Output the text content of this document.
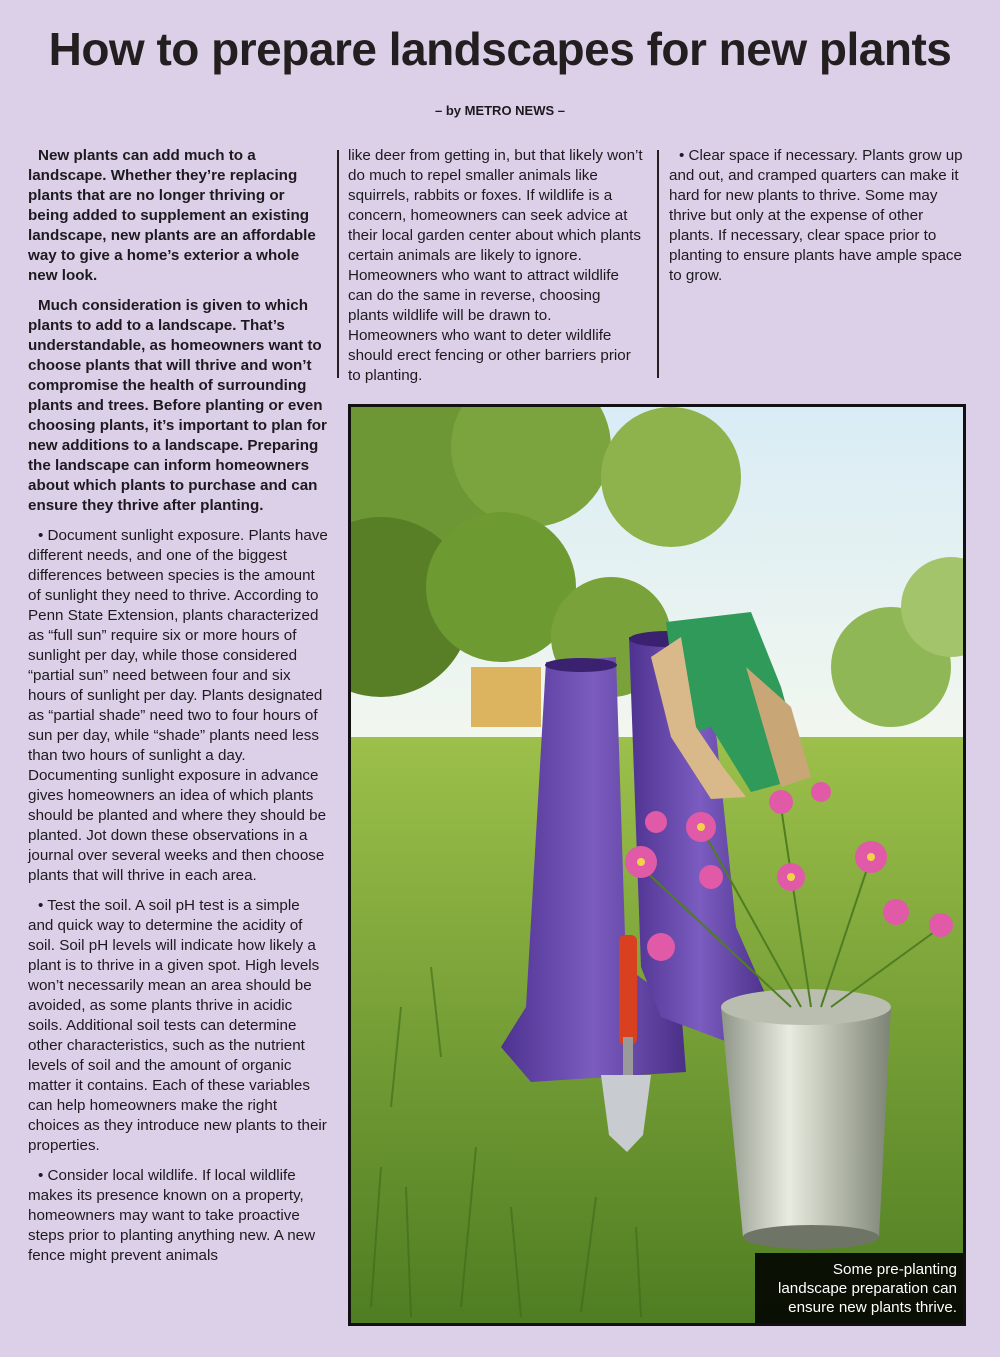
How to prepare landscapes for new plants
– by METRO NEWS –

New plants can add much to a landscape. Whether they’re replacing plants that are no longer thriving or being added to supplement an existing landscape, new plants are an affordable way to give a home’s exterior a whole new look.

Much consideration is given to which plants to add to a landscape. That’s understandable, as homeowners want to choose plants that will thrive and won’t compromise the health of surrounding plants and trees. Before planting or even choosing plants, it’s important to plan for new additions to a landscape. Preparing the landscape can inform homeowners about which plants to purchase and can ensure they thrive after planting.

• Document sunlight exposure. Plants have different needs, and one of the biggest differences between species is the amount of sunlight they need to thrive. According to Penn State Extension, plants characterized as “full sun” require six or more hours of sunlight per day, while those considered “partial sun” need between four and six hours of sunlight per day. Plants designated as “partial shade” need two to four hours of sun per day, while “shade” plants need less than two hours of sunlight a day. Documenting sunlight exposure in advance gives homeowners an idea of which plants should be planted and where they should be planted. Jot down these observations in a journal over several weeks and then choose plants that will thrive in each area.

• Test the soil. A soil pH test is a simple and quick way to determine the acidity of soil. Soil pH levels will indicate how likely a plant is to thrive in a given spot. High levels won’t necessarily mean an area should be avoided, as some plants thrive in acidic soils. Additional soil tests can determine other characteristics, such as the nutrient levels of soil and the amount of organic matter it contains. Each of these variables can help homeowners make the right choices as they introduce new plants to their properties.

• Consider local wildlife. If local wildlife makes its presence known on a property, homeowners may want to take proactive steps prior to planting anything new. A new fence might prevent animals

like deer from getting in, but that likely won’t do much to repel smaller animals like squirrels, rabbits or foxes. If wildlife is a concern, homeowners can seek advice at their local garden center about which plants certain animals are likely to ignore. Homeowners who want to attract wildlife can do the same in reverse, choosing plants wildlife will be drawn to. Homeowners who want to deter wildlife should erect fencing or other barriers prior to planting.

• Clear space if necessary. Plants grow up and out, and cramped quarters can make it hard for new plants to thrive. Some may thrive but only at the expense of other plants. If necessary, clear space prior to planting to ensure plants have ample space to grow.

Some pre-planting landscape preparation can ensure new plants thrive.
